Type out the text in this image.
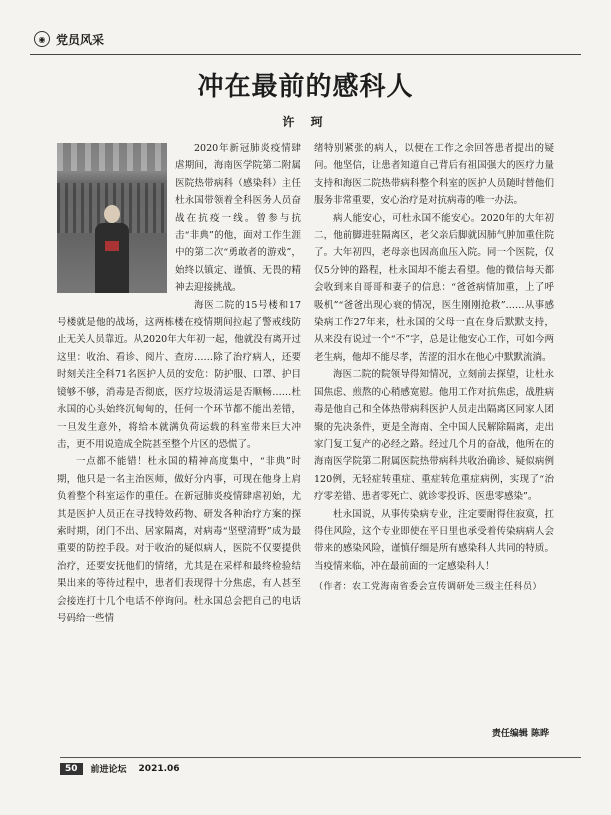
◉ 党员风采
冲在最前的感科人
许 珂

2020年新冠肺炎疫情肆虐期间，海南医学院第二附属医院热带病科（感染科）主任杜永国带领着全科医务人员奋战在抗疫一线。曾参与抗击“非典”的他，面对工作生涯中的第二次“勇敢者的游戏”，始终以镇定、谨慎、无畏的精神去迎接挑战。

海医二院的15号楼和17号楼就是他的战场，这两栋楼在疫情期间拉起了警戒线防止无关人员靠近。从2020年大年初一起，他就没有离开过这里：收治、看诊、阅片、查房……除了治疗病人，还要时刻关注全科71名医护人员的安危：防护服、口罩、护目镜够不够，消毒是否彻底，医疗垃圾清运是否顺畅……杜永国的心头始终沉甸甸的，任何一个环节都不能出差错，一旦发生意外，将给本就满负荷运载的科室带来巨大冲击，更不用说造成全院甚至整个片区的恐慌了。

一点都不能错！杜永国的精神高度集中，“非典”时期，他只是一名主治医师，做好分内事，可现在他身上肩负着整个科室运作的重任。在新冠肺炎疫情肆虐初始，尤其是医护人员正在寻找特效药物、研发各种治疗方案的探索时期，闭门不出、居家隔离，对病毒“坚壁清野”成为最重要的防控手段。对于收治的疑似病人，医院不仅要提供治疗，还要安抚他们的情绪，尤其是在采样和最终检验结果出来的等待过程中，患者们表现得十分焦虑，有人甚至会接连打十几个电话不停询问。杜永国总会把自己的电话号码给一些情

绪特别紧张的病人，以便在工作之余回答患者提出的疑问。他坚信，让患者知道自己背后有祖国强大的医疗力量支持和海医二院热带病科整个科室的医护人员随时替他们服务非常重要，安心治疗是对抗病毒的唯一办法。

病人能安心，可杜永国不能安心。2020年的大年初二，他前脚进驻隔离区，老父亲后脚就因肺气肿加重住院了。大年初四，老母亲也因高血压入院。同一个医院，仅仅5分钟的路程，杜永国却不能去看望。他的微信每天都会收到来自哥哥和妻子的信息：“爸爸病情加重，上了呼吸机”“爸爸出现心衰的情况，医生刚刚抢救”……从事感染病工作27年来，杜永国的父母一直在身后默默支持，从来没有说过一个“不”字，总是让他安心工作，可如今两老生病，他却不能尽孝，苦涩的泪水在他心中默默流淌。

海医二院的院领导得知情况，立刻前去探望，让杜永国焦虑、煎熬的心稍感宽慰。他用工作对抗焦虑，战胜病毒是他自己和全体热带病科医护人员走出隔离区同家人团聚的先决条件，更是全海南、全中国人民解除隔离，走出家门复工复产的必经之路。经过几个月的奋战，他所在的海南医学院第二附属医院热带病科共收治确诊、疑似病例120例，无轻症转重症、重症转危重症病例，实现了“治疗零差错、患者零死亡、就诊零投诉、医患零感染”。

杜永国说，从事传染病专业，注定要耐得住寂寞，扛得住风险，这个专业即使在平日里也承受着传染病病人会带来的感染风险，谨慎仔细是所有感染科人共同的特质。当疫情来临，冲在最前面的一定感染科人！

（作者：农工党海南省委会宣传调研处三级主任科员）
责任编辑 陈晔
50	前进论坛 2021.06
